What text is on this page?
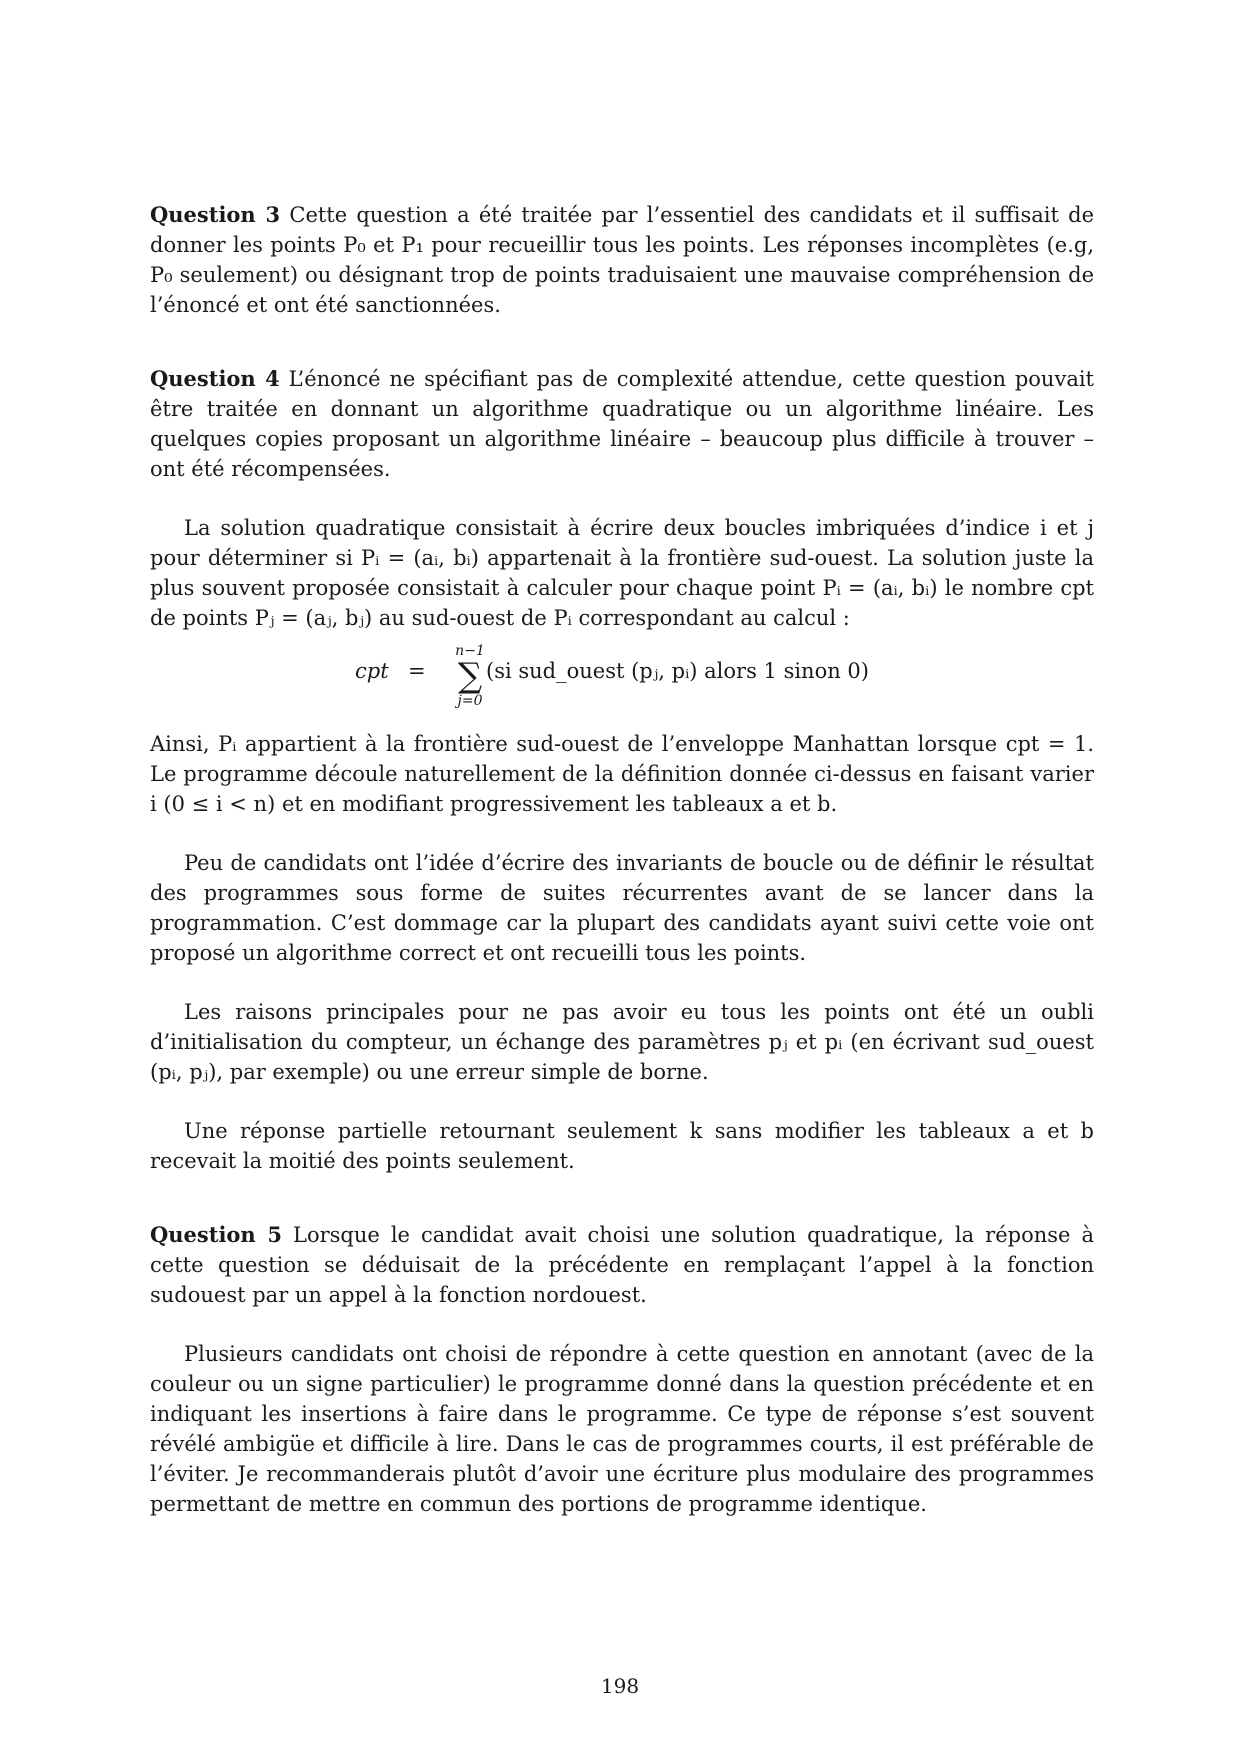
Question 3 Cette question a été traitée par l’essentiel des candidats et il suffisait de donner les points P₀ et P₁ pour recueillir tous les points. Les réponses incomplètes (e.g, P₀ seulement) ou désignant trop de points traduisaient une mauvaise compréhension de l’énoncé et ont été sanctionnées.

Question 4 L’énoncé ne spécifiant pas de complexité attendue, cette question pouvait être traitée en donnant un algorithme quadratique ou un algorithme linéaire. Les quelques copies proposant un algorithme linéaire – beaucoup plus difficile à trouver – ont été récompensées.

La solution quadratique consistait à écrire deux boucles imbriquées d’indice i et j pour déterminer si Pᵢ = (aᵢ, bᵢ) appartenait à la frontière sud-ouest. La solution juste la plus souvent proposée consistait à calculer pour chaque point Pᵢ = (aᵢ, bᵢ) le nombre cpt de points Pⱼ = (aⱼ, bⱼ) au sud-ouest de Pᵢ correspondant au calcul :

cpt =
n−1
∑
j=0
(si sud_ouest (pⱼ, pᵢ) alors 1 sinon 0)

Ainsi, Pᵢ appartient à la frontière sud-ouest de l’enveloppe Manhattan lorsque cpt = 1. Le programme découle naturellement de la définition donnée ci-dessus en faisant varier i (0 ≤ i < n) et en modifiant progressivement les tableaux a et b.

Peu de candidats ont l’idée d’écrire des invariants de boucle ou de définir le résultat des programmes sous forme de suites récurrentes avant de se lancer dans la programmation. C’est dommage car la plupart des candidats ayant suivi cette voie ont proposé un algorithme correct et ont recueilli tous les points.

Les raisons principales pour ne pas avoir eu tous les points ont été un oubli d’initialisation du compteur, un échange des paramètres pⱼ et pᵢ (en écrivant sud_ouest (pᵢ, pⱼ), par exemple) ou une erreur simple de borne.

Une réponse partielle retournant seulement k sans modifier les tableaux a et b recevait la moitié des points seulement.

Question 5 Lorsque le candidat avait choisi une solution quadratique, la réponse à cette question se déduisait de la précédente en remplaçant l’appel à la fonction sudouest par un appel à la fonction nordouest.

Plusieurs candidats ont choisi de répondre à cette question en annotant (avec de la couleur ou un signe particulier) le programme donné dans la question précédente et en indiquant les insertions à faire dans le programme. Ce type de réponse s’est souvent révélé ambigüe et difficile à lire. Dans le cas de programmes courts, il est préférable de l’éviter. Je recommanderais plutôt d’avoir une écriture plus modulaire des programmes permettant de mettre en commun des portions de programme identique.

198
